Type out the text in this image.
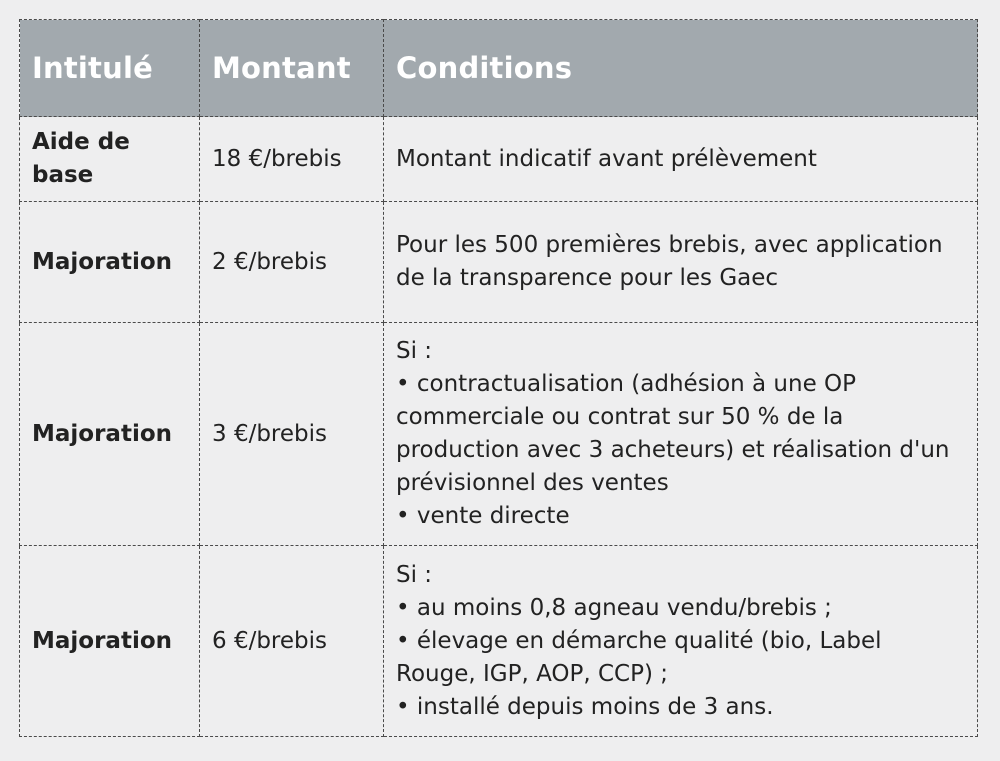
Intitulé	Montant	Conditions
Aide de base	18 €/brebis	Montant indicatif avant prélèvement

Majoration	2 €/brebis	Pour les 500 premières brebis, avec application de la transparence pour les Gaec

Majoration	3 €/brebis	Si :
• contractualisation (adhésion à une OP commerciale ou contrat sur 50 % de la production avec 3 acheteurs) et réalisation d'un prévisionnel des ventes
• vente directe

Majoration	6 €/brebis	Si :
• au moins 0,8 agneau vendu/brebis ;
• élevage en démarche qualité (bio, Label Rouge, IGP, AOP, CCP) ;
• installé depuis moins de 3 ans.
